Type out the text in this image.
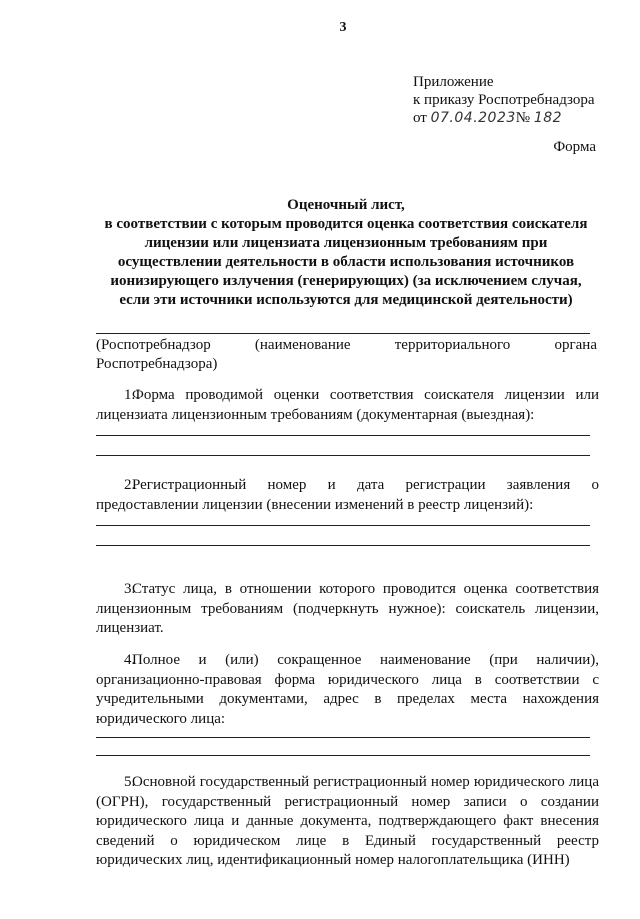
3
Приложение
к приказу Роспотребнадзора
от 07.04.2023№ 182
Форма
Оценочный лист,
в соответствии с которым проводится оценка соответствия соискателя
лицензии или лицензиата лицензионным требованиям при
осуществлении деятельности в области использования источников
ионизирующего излучения (генерирующих) (за исключением случая,
если эти источники используются для медицинской деятельности)
(Роспотребнадзор	(наименование	территориального	органа
Роспотребнадзора)
1.Форма проводимой оценки соответствия соискателя лицензии или лицензиата лицензионным требованиям (документарная (выездная):
2.Регистрационный номер и дата регистрации заявления о предоставлении лицензии (внесении изменений в реестр лицензий):
3.Статус лица, в отношении которого проводится оценка соответствия лицензионным требованиям (подчеркнуть нужное): соискатель лицензии, лицензиат.
4.Полное и (или) сокращенное наименование (при наличии), организационно-правовая форма юридического лица в соответствии с учредительными документами, адрес в пределах места нахождения юридического лица:
5.Основной государственный регистрационный номер юридического лица (ОГРН), государственный регистрационный номер записи о создании юридического лица и данные документа, подтверждающего факт внесения сведений о юридическом лице в Единый государственный реестр юридических лиц, идентификационный номер налогоплательщика (ИНН)
